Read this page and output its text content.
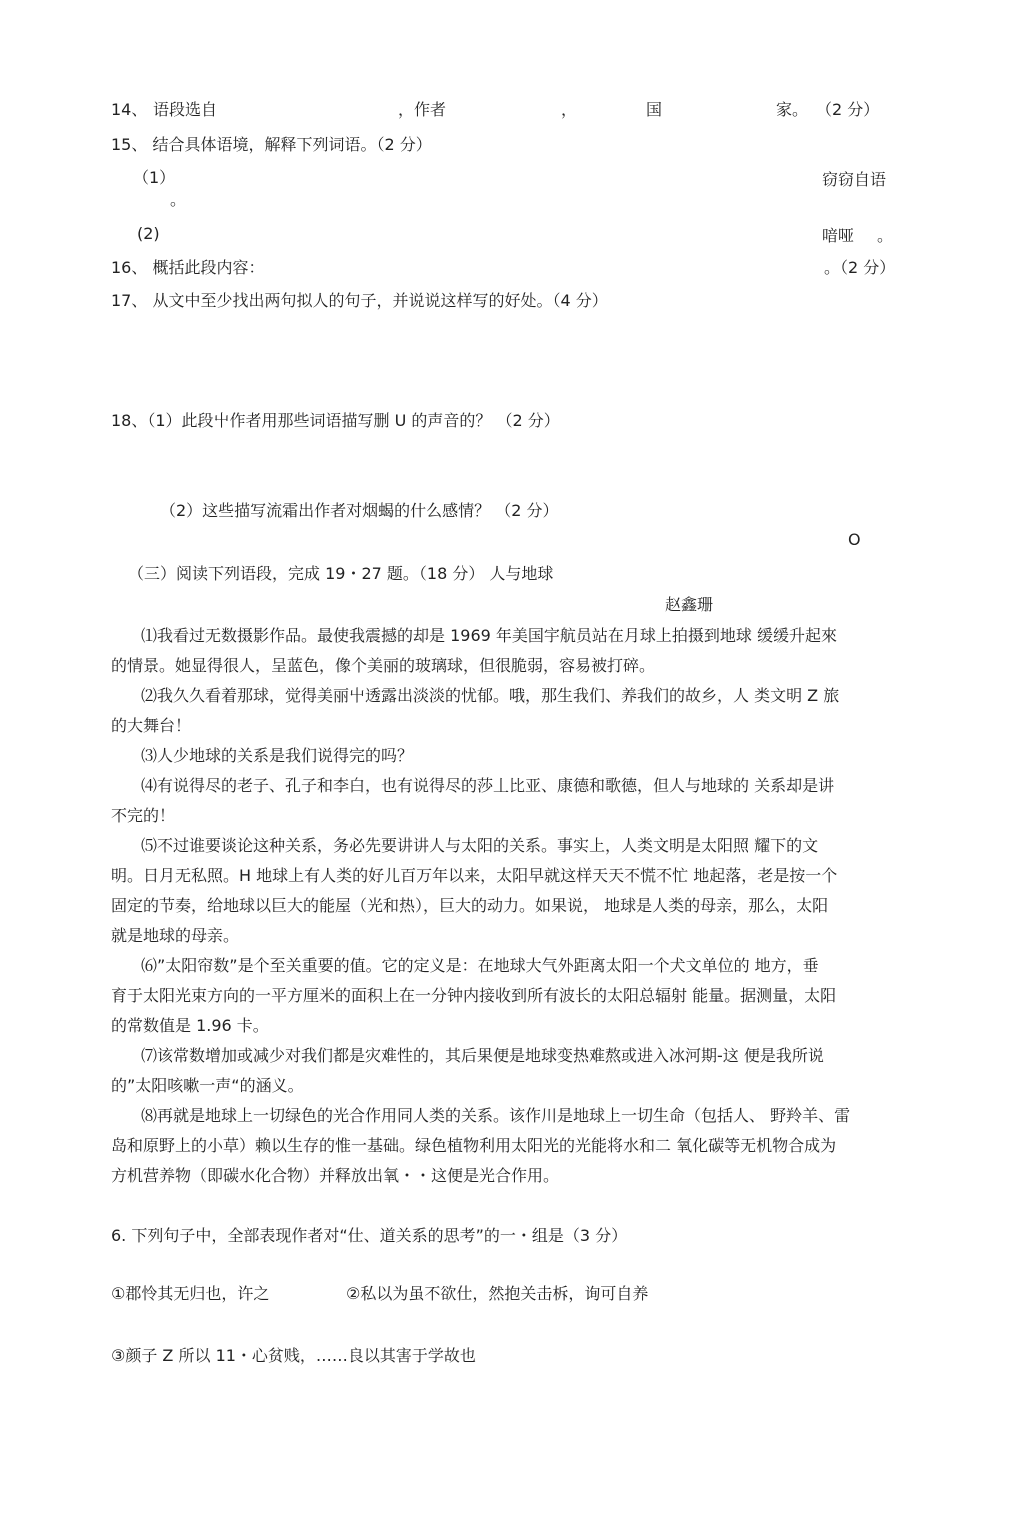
14、 语段选自	，作者	，	国	家。 （2 分）
15、 结合具体语境，解释下列词语。（2 分）
（1）	窃窃自语
。
(2)	喑哑 。
16、 概括此段内容：	。（2 分）
17、 从文中至少找出两句拟人的句子，并说说这样写的好处。（4 分）
18、（1）此段屮作者用那些词语描写删 U 的声音的？ （2 分）
（2）这些描写流霜出作者对烟蝎的什么感情？ （2 分）
O
（三）阅读下列语段，完成 19・27 题。（18 分） 人与地球
赵鑫珊
⑴我看过无数摄影作品。最使我震撼的却是 1969 年美国宇航员站在月球上拍摄到地球 缓缓升起來
的情景。她显得很人，呈蓝色，像个美丽的玻璃球，但很脆弱，容易被打碎。
⑵我久久看着那球，觉得美丽屮透露出淡淡的忧郁。哦，那生我们、养我们的故乡，人 类文明 Z 旅
的大舞台！
⑶人少地球的关系是我们说得完的吗？
⑷有说得尽的老子、孔子和李白，也有说得尽的莎丄比亚、康德和歌德，但人与地球的 关系却是讲
不完的！
⑸不过谁要谈论这种关系，务必先要讲讲人与太阳的关系。事实上，人类文明是太阳照 耀下的文
明。日月无私照。H 地球上有人类的好儿百万年以来，太阳早就这样天天不慌不忙 地起落，老是按一个
固定的节奏，给地球以巨大的能屋（光和热），巨大的动力。如果说， 地球是人类的母亲，那么，太阳
就是地球的母亲。
⑹”太阳帘数”是个至关重要的值。它的定义是：在地球大气外距离太阳一个犬文单位的 地方，垂
育于太阳光束方向的一平方厘米的面积上在一分钟内接收到所有波长的太阳总辐射 能量。据测量，太阳
的常数值是 1.96 卡。
⑺该常数增加或减少对我们都是灾难性的，其后果便是地球变热难熬或进入冰河期-这 便是我所说
的”太阳咳嗽一声“的涵义。
⑻再就是地球上一切绿色的光合作用同人类的关系。该作川是地球上一切生命（包括人、 野羚羊、雷
岛和原野上的小草）赖以生存的惟一基础。绿色植物利用太阳光的光能将水和二 氧化碳等无机物合成为
方机营养物（即碳水化合物）并释放出氧・・这便是光合作用。
6. 下列句子中，全部表现作者对“仕、道关系的思考”的一・组是（3 分）
①郡怜其无归也，许之	②私以为虽不欲仕，然抱关击柝，询可自养
③颜子 Z 所以 11・心贫贱，……良以其害于学故也
